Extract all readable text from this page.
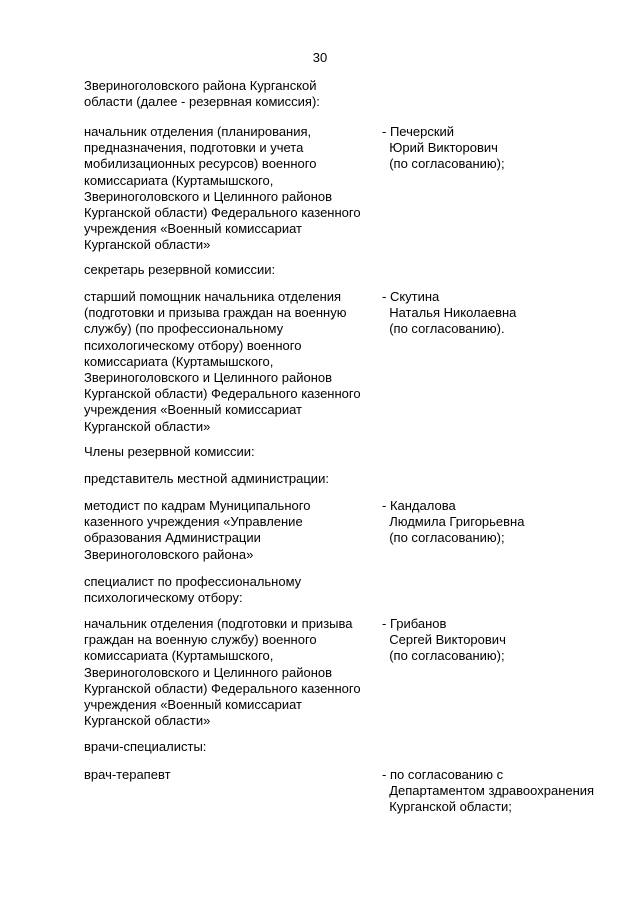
30
Звериноголовского района Курганской
области (далее - резервная комиссия):
начальник отделения (планирования,
предназначения, подготовки и учета
мобилизационных ресурсов) военного
комиссариата (Куртамышского,
Звериноголовского и Целинного районов
Курганской области) Федерального казенного
учреждения «Военный комиссариат
Курганской области»
- Печерский
Юрий Викторович
(по согласованию);
секретарь резервной комиссии:
старший помощник начальника отделения
(подготовки и призыва граждан на военную
службу) (по профессиональному
психологическому отбору) военного
комиссариата (Куртамышского,
Звериноголовского и Целинного районов
Курганской области) Федерального казенного
учреждения «Военный комиссариат
Курганской области»
- Скутина
Наталья Николаевна
(по согласованию).
Члены резервной комиссии:
представитель местной администрации:
методист по кадрам Муниципального
казенного учреждения «Управление
образования Администрации
Звериноголовского района»
- Кандалова
Людмила Григорьевна
(по согласованию);
специалист по профессиональному
психологическому отбору:
начальник отделения (подготовки и призыва
граждан на военную службу) военного
комиссариата (Куртамышского,
Звериноголовского и Целинного районов
Курганской области) Федерального казенного
учреждения «Военный комиссариат
Курганской области»
- Грибанов
Сергей Викторович
(по согласованию);
врачи-специалисты:
врач-терапевт	- по согласованию с
Департаментом здравоохранения
Курганской области;
